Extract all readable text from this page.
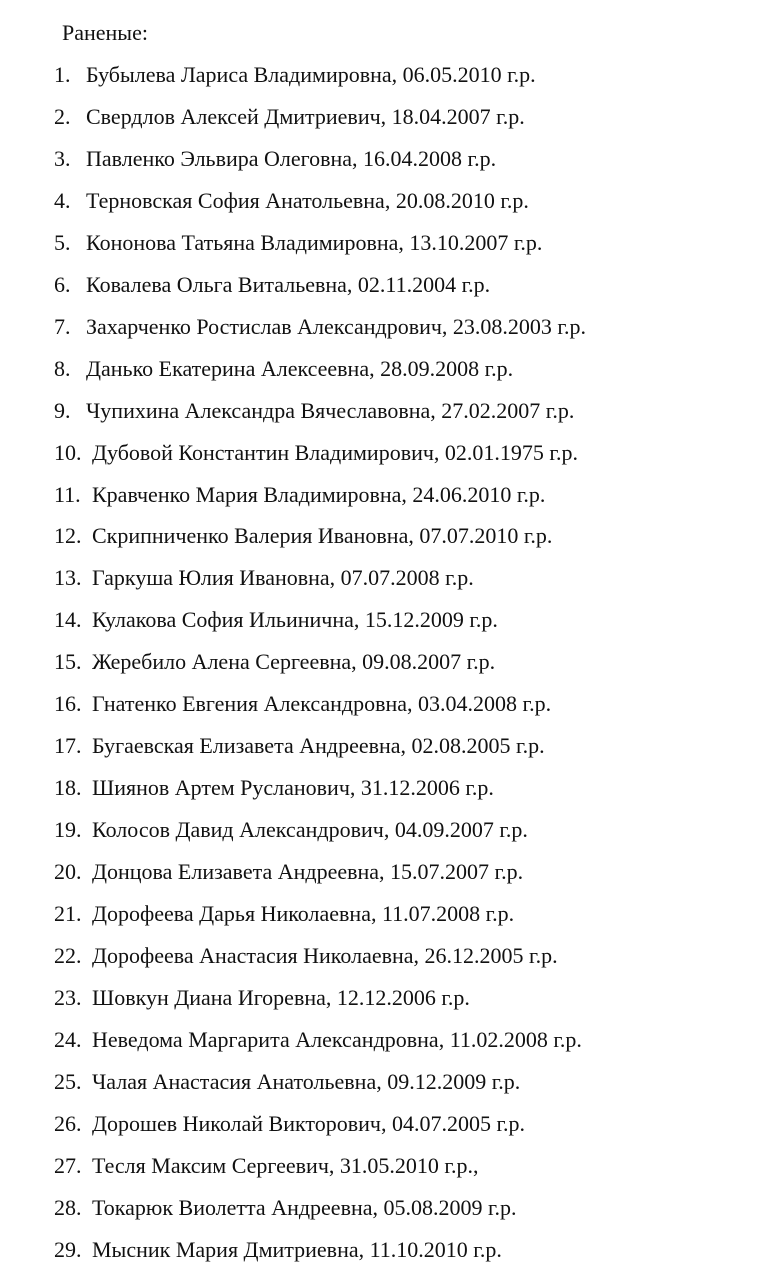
Раненые:
1. Бубылева Лариса Владимировна, 06.05.2010 г.р.
2. Свердлов Алексей Дмитриевич, 18.04.2007 г.р.
3. Павленко Эльвира Олеговна, 16.04.2008 г.р.
4. Терновская София Анатольевна, 20.08.2010 г.р.
5. Кононова Татьяна Владимировна, 13.10.2007 г.р.
6. Ковалева Ольга Витальевна, 02.11.2004 г.р.
7. Захарченко Ростислав Александрович, 23.08.2003 г.р.
8. Данько Екатерина Алексеевна, 28.09.2008 г.р.
9. Чупихина Александра Вячеславовна, 27.02.2007 г.р.
10. Дубовой Константин Владимирович, 02.01.1975 г.р.
11. Кравченко Мария Владимировна, 24.06.2010 г.р.
12. Скрипниченко Валерия Ивановна, 07.07.2010 г.р.
13. Гаркуша Юлия Ивановна, 07.07.2008 г.р.
14. Кулакова София Ильинична, 15.12.2009 г.р.
15. Жеребило Алена Сергеевна, 09.08.2007 г.р.
16. Гнатенко Евгения Александровна, 03.04.2008 г.р.
17. Бугаевская Елизавета Андреевна, 02.08.2005 г.р.
18. Шиянов Артем Русланович, 31.12.2006 г.р.
19. Колосов Давид Александрович, 04.09.2007 г.р.
20. Донцова Елизавета Андреевна, 15.07.2007 г.р.
21. Дорофеева Дарья Николаевна, 11.07.2008 г.р.
22. Дорофеева Анастасия Николаевна, 26.12.2005 г.р.
23. Шовкун Диана Игоревна, 12.12.2006 г.р.
24. Неведома Маргарита Александровна, 11.02.2008 г.р.
25. Чалая Анастасия Анатольевна, 09.12.2009 г.р.
26. Дорошев Николай Викторович, 04.07.2005 г.р.
27. Тесля Максим Сергеевич, 31.05.2010 г.р.,
28. Токарюк Виолетта Андреевна, 05.08.2009 г.р.
29. Мысник Мария Дмитриевна, 11.10.2010 г.р.
